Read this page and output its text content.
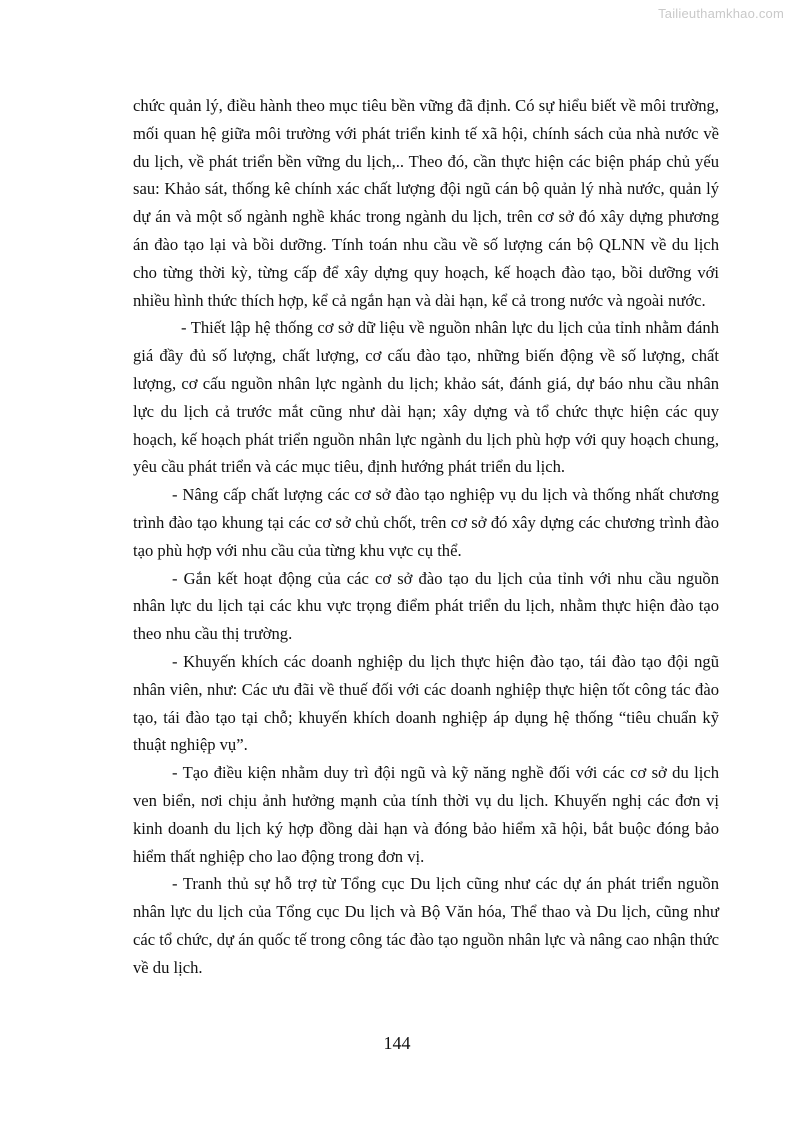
Tailieuthamkhao.com

chức quản lý, điều hành theo mục tiêu bền vững đã định. Có sự hiểu biết về môi trường, mối quan hệ giữa môi trường với phát triển kinh tế xã hội, chính sách của nhà nước về du lịch, về phát triển bền vững du lịch,.. Theo đó, cần thực hiện các biện pháp chủ yếu sau: Khảo sát, thống kê chính xác chất lượng đội ngũ cán bộ quản lý nhà nước, quản lý dự án và một số ngành nghề khác trong ngành du lịch, trên cơ sở đó xây dựng phương án đào tạo lại và bồi dưỡng. Tính toán nhu cầu về số lượng cán bộ QLNN về du lịch cho từng thời kỳ, từng cấp để xây dựng quy hoạch, kế hoạch đào tạo, bồi dưỡng với nhiều hình thức thích hợp, kể cả ngắn hạn và dài hạn, kể cả trong nước và ngoài nước.

- Thiết lập hệ thống cơ sở dữ liệu về nguồn nhân lực du lịch của tỉnh nhằm đánh giá đầy đủ số lượng, chất lượng, cơ cấu đào tạo, những biến động về số lượng, chất lượng, cơ cấu nguồn nhân lực ngành du lịch; khảo sát, đánh giá, dự báo nhu cầu nhân lực du lịch cả trước mắt cũng như dài hạn; xây dựng và tổ chức thực hiện các quy hoạch, kế hoạch phát triển nguồn nhân lực ngành du lịch phù hợp với quy hoạch chung, yêu cầu phát triển và các mục tiêu, định hướng phát triển du lịch.

- Nâng cấp chất lượng các cơ sở đào tạo nghiệp vụ du lịch và thống nhất chương trình đào tạo khung tại các cơ sở chủ chốt, trên cơ sở đó xây dựng các chương trình đào tạo phù hợp với nhu cầu của từng khu vực cụ thể.

- Gắn kết hoạt động của các cơ sở đào tạo du lịch của tỉnh với nhu cầu nguồn nhân lực du lịch tại các khu vực trọng điểm phát triển du lịch, nhằm thực hiện đào tạo theo nhu cầu thị trường.

- Khuyến khích các doanh nghiệp du lịch thực hiện đào tạo, tái đào tạo đội ngũ nhân viên, như: Các ưu đãi về thuế đối với các doanh nghiệp thực hiện tốt công tác đào tạo, tái đào tạo tại chỗ; khuyến khích doanh nghiệp áp dụng hệ thống “tiêu chuẩn kỹ thuật nghiệp vụ”.

- Tạo điều kiện nhằm duy trì đội ngũ và kỹ năng nghề đối với các cơ sở du lịch ven biển, nơi chịu ảnh hưởng mạnh của tính thời vụ du lịch. Khuyến nghị các đơn vị kinh doanh du lịch ký hợp đồng dài hạn và đóng bảo hiểm xã hội, bắt buộc đóng bảo hiểm thất nghiệp cho lao động trong đơn vị.

- Tranh thủ sự hỗ trợ từ Tổng cục Du lịch cũng như các dự án phát triển nguồn nhân lực du lịch của Tổng cục Du lịch và Bộ Văn hóa, Thể thao và Du lịch, cũng như các tổ chức, dự án quốc tế trong công tác đào tạo nguồn nhân lực và nâng cao nhận thức về du lịch.

144
